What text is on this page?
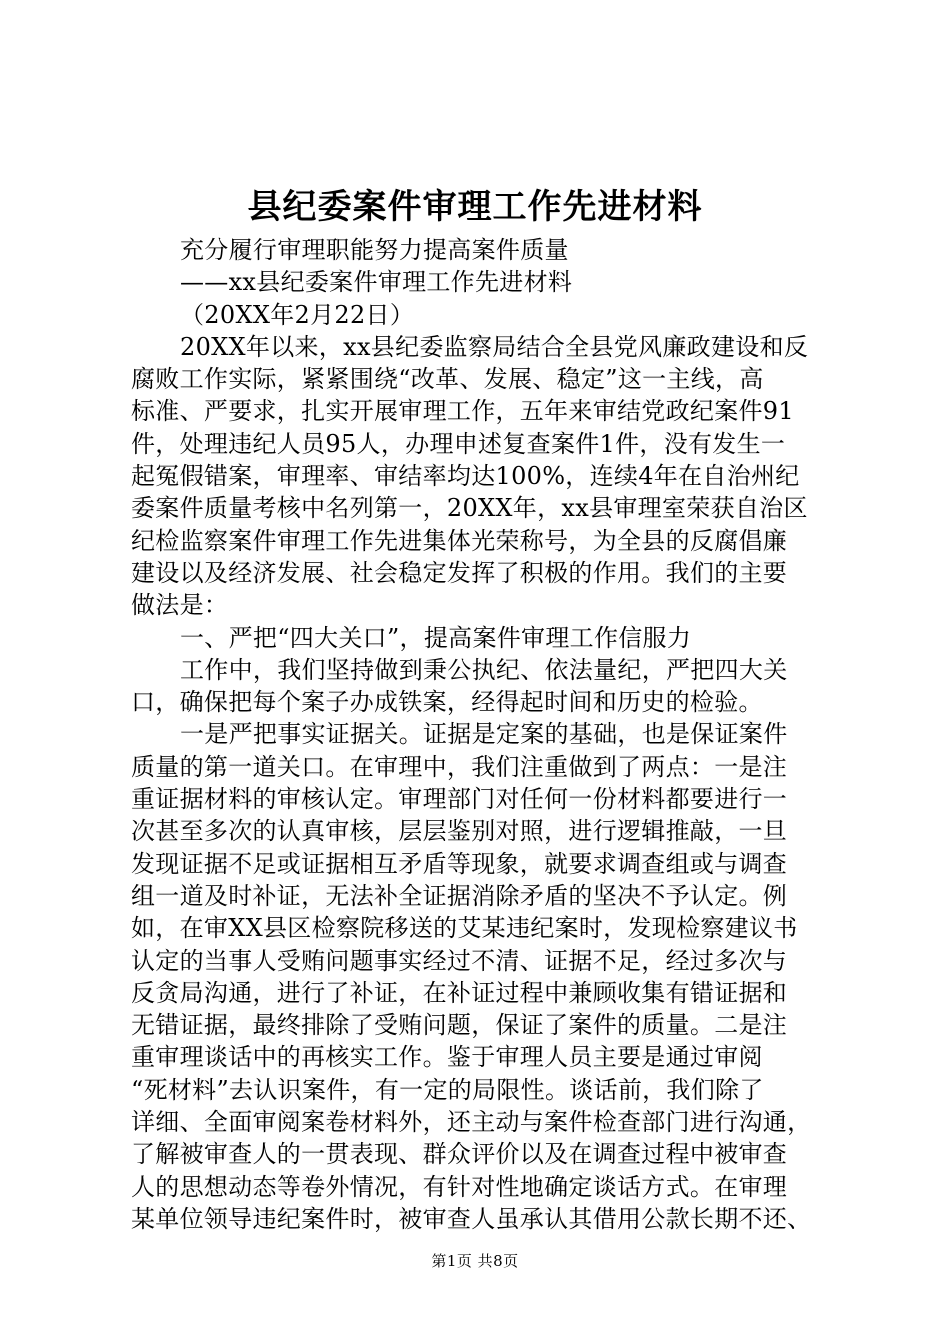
县纪委案件审理工作先进材料
充分履行审理职能努力提高案件质量
——xx县纪委案件审理工作先进材料
（20XX年2月22日）
20XX年以来，xx县纪委监察局结合全县党风廉政建设和反
腐败工作实际，紧紧围绕“改革、发展、稳定”这一主线，高
标准、严要求，扎实开展审理工作，五年来审结党政纪案件91
件，处理违纪人员95人，办理申述复查案件1件，没有发生一
起冤假错案，审理率、审结率均达100%，连续4年在自治州纪
委案件质量考核中名列第一，20XX年，xx县审理室荣获自治区
纪检监察案件审理工作先进集体光荣称号，为全县的反腐倡廉
建设以及经济发展、社会稳定发挥了积极的作用。我们的主要
做法是：
一、严把“四大关口”，提高案件审理工作信服力
工作中，我们坚持做到秉公执纪、依法量纪，严把四大关
口，确保把每个案子办成铁案，经得起时间和历史的检验。
一是严把事实证据关。证据是定案的基础，也是保证案件
质量的第一道关口。在审理中，我们注重做到了两点：一是注
重证据材料的审核认定。审理部门对任何一份材料都要进行一
次甚至多次的认真审核，层层鉴别对照，进行逻辑推敲，一旦
发现证据不足或证据相互矛盾等现象，就要求调查组或与调查
组一道及时补证，无法补全证据消除矛盾的坚决不予认定。例
如，在审XX县区检察院移送的艾某违纪案时，发现检察建议书
认定的当事人受贿问题事实经过不清、证据不足，经过多次与
反贪局沟通，进行了补证，在补证过程中兼顾收集有错证据和
无错证据，最终排除了受贿问题，保证了案件的质量。二是注
重审理谈话中的再核实工作。鉴于审理人员主要是通过审阅
“死材料”去认识案件，有一定的局限性。谈话前，我们除了
详细、全面审阅案卷材料外，还主动与案件检查部门进行沟通，
了解被审查人的一贯表现、群众评价以及在调查过程中被审查
人的思想动态等卷外情况，有针对性地确定谈话方式。在审理
某单位领导违纪案件时，被审查人虽承认其借用公款长期不还、
第1页 共8页
